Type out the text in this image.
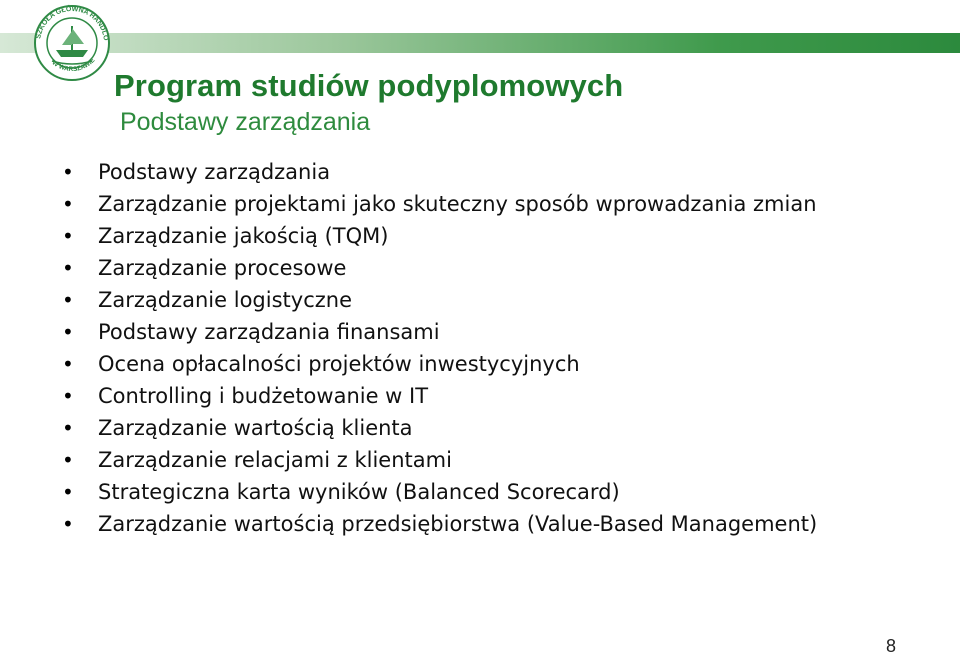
SZKOŁA GŁÓWNA HANDLO
W WARSZAWIE
Program studiów podyplomowych
Podstawy zarządzania
• Podstawy zarządzania
• Zarządzanie projektami jako skuteczny sposób wprowadzania zmian
• Zarządzanie jakością (TQM)
• Zarządzanie procesowe
• Zarządzanie logistyczne
• Podstawy zarządzania finansami
• Ocena opłacalności projektów inwestycyjnych
• Controlling i budżetowanie w IT
• Zarządzanie wartością klienta
• Zarządzanie relacjami z klientami
• Strategiczna karta wyników (Balanced Scorecard)
• Zarządzanie wartością przedsiębiorstwa (Value-Based Management)
8
